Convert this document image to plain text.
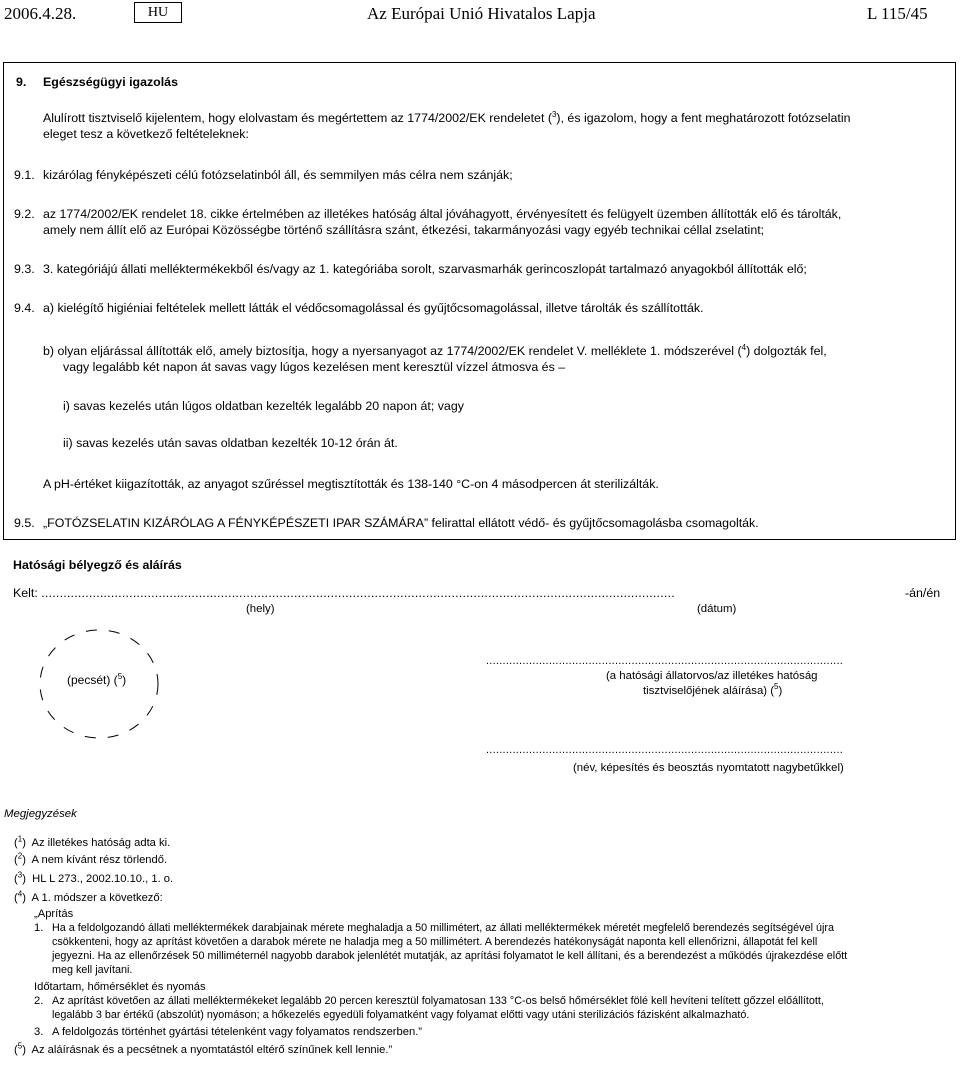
2006.4.28.	HU	Az Európai Unió Hivatalos Lapja	L 115/45
9. Egészségügyi igazolás
Alulírott tisztviselő kijelentem, hogy elolvastam és megértettem az 1774/2002/EK rendeletet ($^3$), és igazolom, hogy a fent meghatározott fotózselatin
eleget tesz a következő feltételeknek:
9.1. kizárólag fényképészeti célú fotózselatinból áll, és semmilyen más célra nem szánják;
9.2. az 1774/2002/EK rendelet 18. cikke értelmében az illetékes hatóság által jóváhagyott, érvényesített és felügyelt üzemben állították elő és tárolták,
amely nem állít elő az Európai Közösségbe történő szállításra szánt, étkezési, takarmányozási vagy egyéb technikai céllal zselatint;
9.3. 3. kategóriájú állati melléktermékekből és/vagy az 1. kategóriába sorolt, szarvasmarhák gerincoszlopát tartalmazó anyagokból állították elő;
9.4. a) kielégítő higiéniai feltételek mellett látták el védőcsomagolással és gyűjtőcsomagolással, illetve tárolták és szállították.
b) olyan eljárással állították elő, amely biztosítja, hogy a nyersanyagot az 1774/2002/EK rendelet V. melléklete 1. módszerével ($^4$) dolgozták fel,
vagy legalább két napon át savas vagy lúgos kezelésen ment keresztül vízzel átmosva és –
i) savas kezelés után lúgos oldatban kezelték legalább 20 napon át; vagy
ii) savas kezelés után savas oldatban kezelték 10-12 órán át.
A pH-értéket kiigazították, az anyagot szűréssel megtisztították és 138-140 °C-on 4 másodpercen át sterilizálták.
9.5. „FOTÓZSELATIN KIZÁRÓLAG A FÉNYKÉPÉSZETI IPAR SZÁMÁRA” felirattal ellátott védő- és gyűjtőcsomagolásba csomagolták.
Hatósági bélyegző és aláírás
Kelt: .............................................................................................................................................................................	-án/én
(hely)	(dátum)
(pecsét) ($^5$)
............................................................................................................
(a hatósági állatorvos/az illetékes hatóság
tisztviselőjének aláírása) ($^5$)
............................................................................................................
(név, képesítés és beosztás nyomtatott nagybetűkkel)
Megjegyzések
($^1$)  Az illetékes hatóság adta ki.
($^2$)  A nem kívánt rész törlendő.
($^3$)  HL L 273., 2002.10.10., 1. o.
($^4$)  A 1. módszer a következő:
„Aprítás
1. Ha a feldolgozandó állati melléktermékek darabjainak mérete meghaladja a 50 millimétert, az állati melléktermékek méretét megfelelő berendezés segítségével újra
csökkenteni, hogy az aprítást követően a darabok mérete ne haladja meg a 50 millimétert. A berendezés hatékonyságát naponta kell ellenőrizni, állapotát fel kell
jegyezni. Ha az ellenőrzések 50 milliméternél nagyobb darabok jelenlétét mutatják, az aprítási folyamatot le kell állítani, és a berendezést a működés újrakezdése előtt
meg kell javítani.
Időtartam, hőmérséklet és nyomás
2. Az aprítást követően az állati melléktermékeket legalább 20 percen keresztül folyamatosan 133 °C-os belső hőmérséklet fölé kell hevíteni telített gőzzel előállított,
legalább 3 bar értékű (abszolút) nyomáson; a hőkezelés egyedüli folyamatként vagy folyamat előtti vagy utáni sterilizációs fázisként alkalmazható.
3. A feldolgozás történhet gyártási tételenként vagy folyamatos rendszerben.”
($^5$)  Az aláírásnak és a pecsétnek a nyomtatástól eltérő színűnek kell lennie.”
